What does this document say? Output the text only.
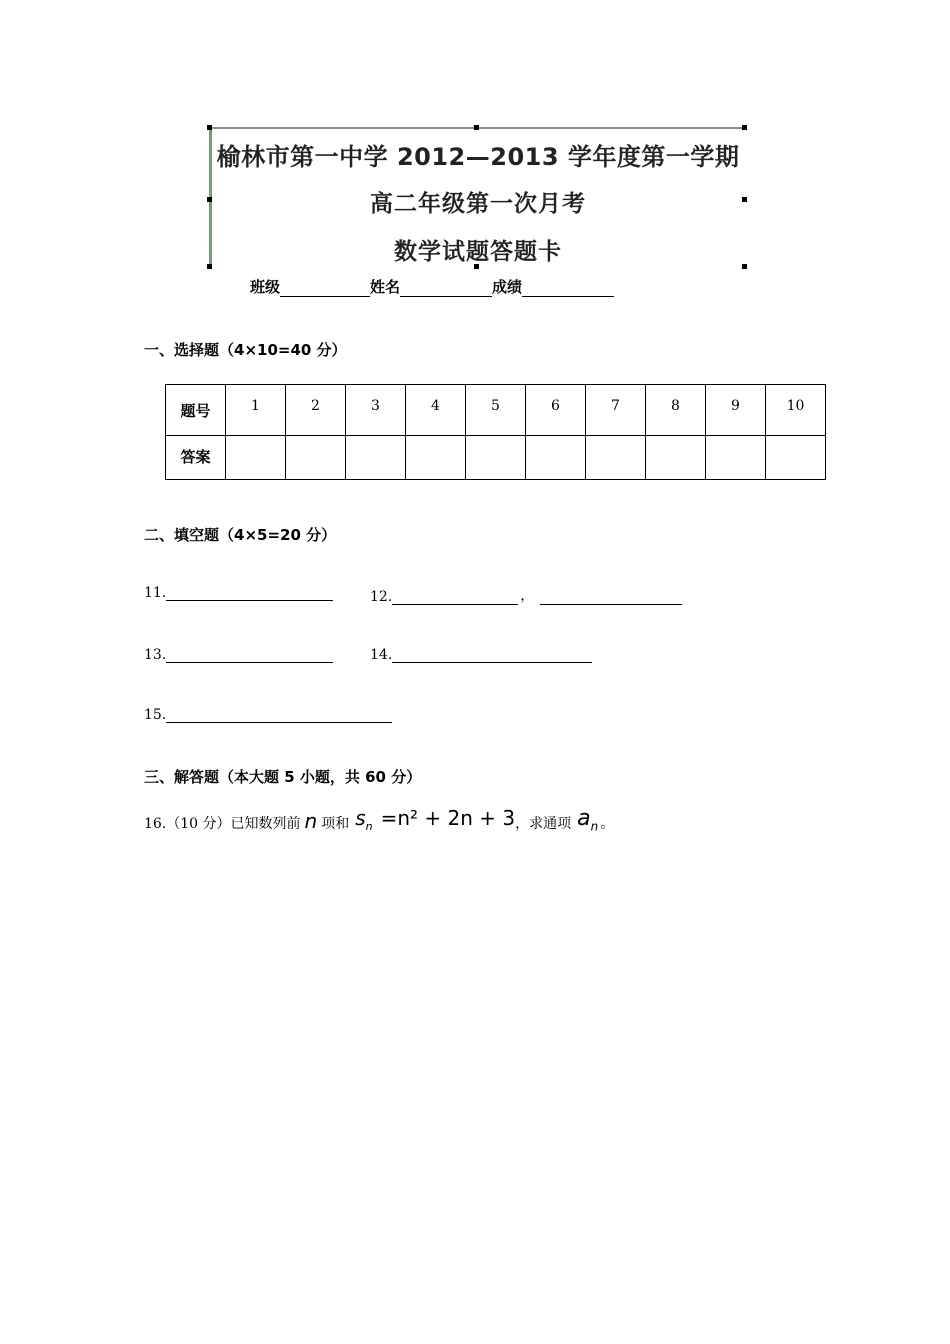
榆林市第一中学 2012—2013 学年度第一学期
高二年级第一次月考
数学试题答题卡
班级	姓名	成绩
一、选择题（4×10=40 分）
题号	1	2	3	4	5	6	7	8	9	10
答案										
二、填空题（4×5=20 分）
11.	12.	，
13.	14.
15.
三、解答题（本大题 5 小题，共 60 分）
16.（10 分）已知数列前 n 项和 $s_n =n^2 + 2n + 3$ ，求通项 $a_n$ 。
